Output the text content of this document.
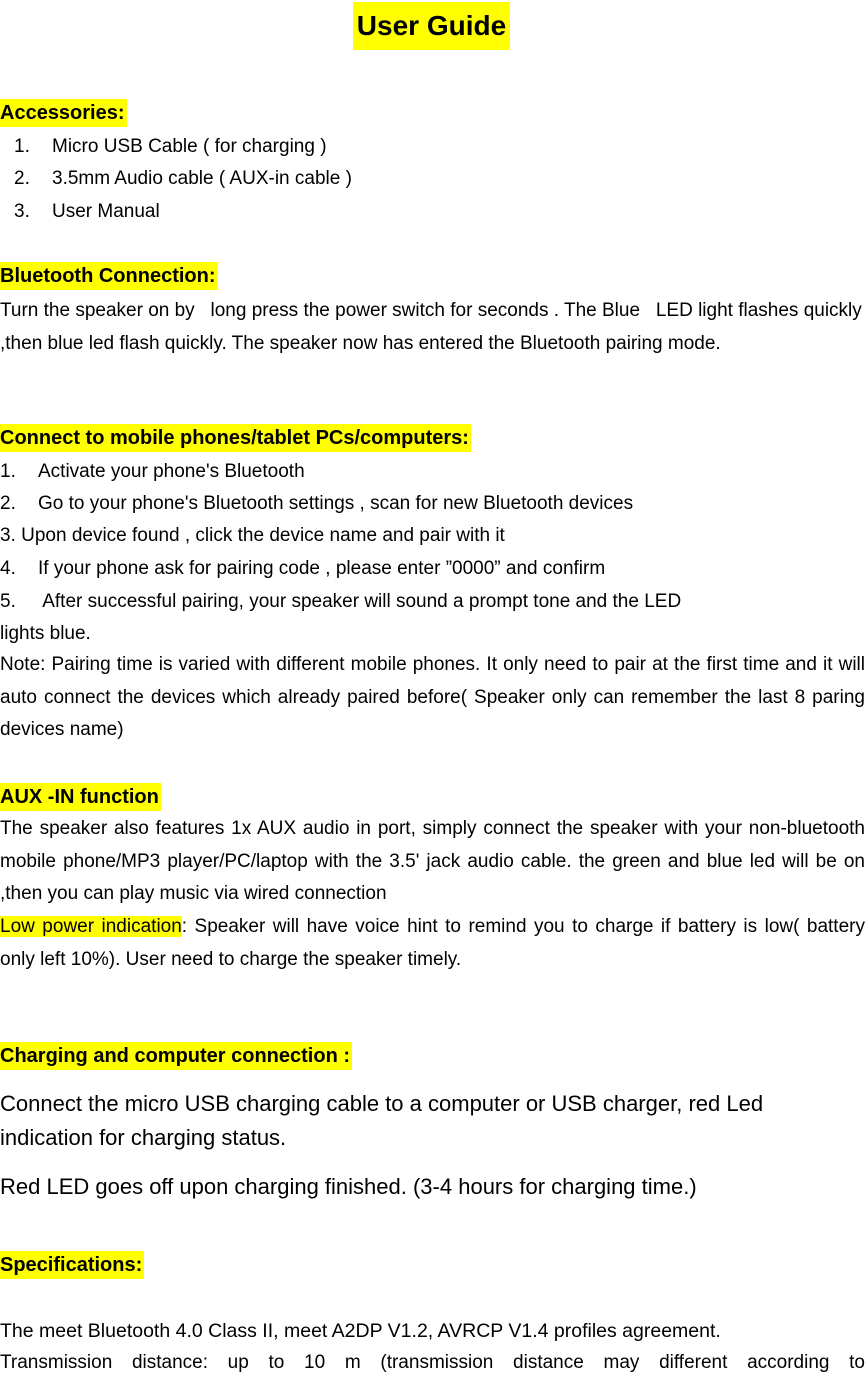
User Guide
Accessories:
1. Micro USB Cable ( for charging )
2. 3.5mm Audio cable ( AUX-in cable )
3. User Manual
Bluetooth Connection:
Turn the speaker on by   long press the power switch for seconds . The Blue   LED light flashes quickly ,then blue led flash quickly. The speaker now has entered the Bluetooth pairing mode.
Connect to mobile phones/tablet PCs/computers:
1. Activate your phone's Bluetooth
2. Go to your phone's Bluetooth settings , scan for new Bluetooth devices
3. Upon device found , click the device name and pair with it
4. If your phone ask for pairing code , please enter ”0000” and confirm
5. After successful pairing, your speaker will sound a prompt tone and the LED
lights blue.
Note: Pairing time is varied with different mobile phones. It only need to pair at the first time and it will auto connect the devices which already paired before( Speaker only can remember the last 8 paring devices name)
AUX -IN function
The speaker also features 1x AUX audio in port, simply connect the speaker with your non-bluetooth mobile phone/MP3 player/PC/laptop with the 3.5' jack audio cable. the green and blue led will be on ,then you can play music via wired connection
Low power indication: Speaker will have voice hint to remind you to charge if battery is low( battery only left 10%). User need to charge the speaker timely.
Charging and computer connection :
Connect the micro USB charging cable to a computer or USB charger, red Led indication for charging status.
Red LED goes off upon charging finished. (3-4 hours for charging time.)
Specifications:
The meet Bluetooth 4.0 Class II, meet A2DP V1.2, AVRCP V1.4 profiles agreement.
Transmission distance: up to 10 m (transmission distance may different according to
